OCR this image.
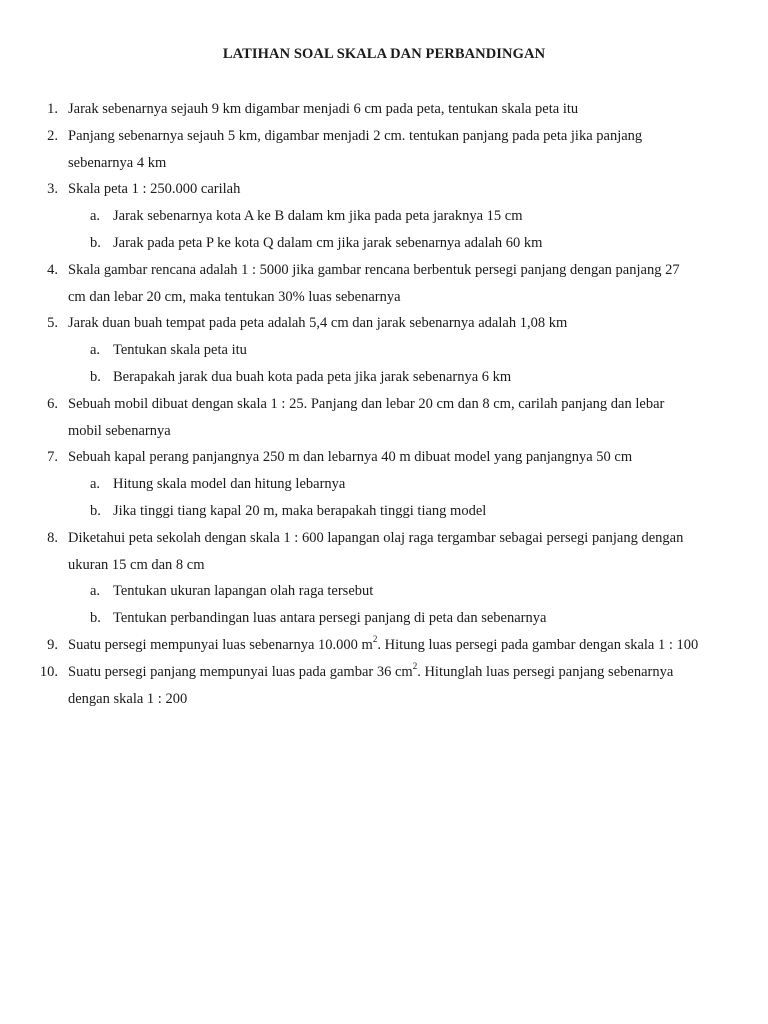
LATIHAN SOAL SKALA DAN PERBANDINGAN
1. Jarak sebenarnya sejauh 9 km digambar menjadi 6 cm pada peta, tentukan skala peta itu
2. Panjang sebenarnya sejauh 5 km, digambar menjadi 2 cm. tentukan panjang pada peta jika panjang
sebenarnya 4 km
3. Skala peta 1 : 250.000 carilah
a. Jarak sebenarnya kota A ke B dalam km jika pada peta jaraknya 15 cm
b. Jarak pada peta P ke kota Q dalam cm jika jarak sebenarnya adalah 60 km
4. Skala gambar rencana adalah 1 : 5000 jika gambar rencana berbentuk persegi panjang dengan panjang 27
cm dan lebar 20 cm, maka tentukan 30% luas sebenarnya
5. Jarak duan buah tempat pada peta adalah 5,4 cm dan jarak sebenarnya adalah 1,08 km
a. Tentukan skala peta itu
b. Berapakah jarak dua buah kota pada peta jika jarak sebenarnya 6 km
6. Sebuah mobil dibuat dengan skala 1 : 25. Panjang dan lebar 20 cm dan 8 cm, carilah panjang dan lebar
mobil sebenarnya
7. Sebuah kapal perang panjangnya 250 m dan lebarnya 40 m dibuat model yang panjangnya 50 cm
a. Hitung skala model dan hitung lebarnya
b. Jika tinggi tiang kapal 20 m, maka berapakah tinggi tiang model
8. Diketahui peta sekolah dengan skala 1 : 600 lapangan olaj raga tergambar sebagai persegi panjang dengan
ukuran 15 cm dan 8 cm
a. Tentukan ukuran lapangan olah raga tersebut
b. Tentukan perbandingan luas antara persegi panjang di peta dan sebenarnya
9. Suatu persegi mempunyai luas sebenarnya 10.000 $m^2$. Hitung luas persegi pada gambar dengan skala 1 : 100
10. Suatu persegi panjang mempunyai luas pada gambar 36 $cm^2$. Hitunglah luas persegi panjang sebenarnya
dengan skala 1 : 200
